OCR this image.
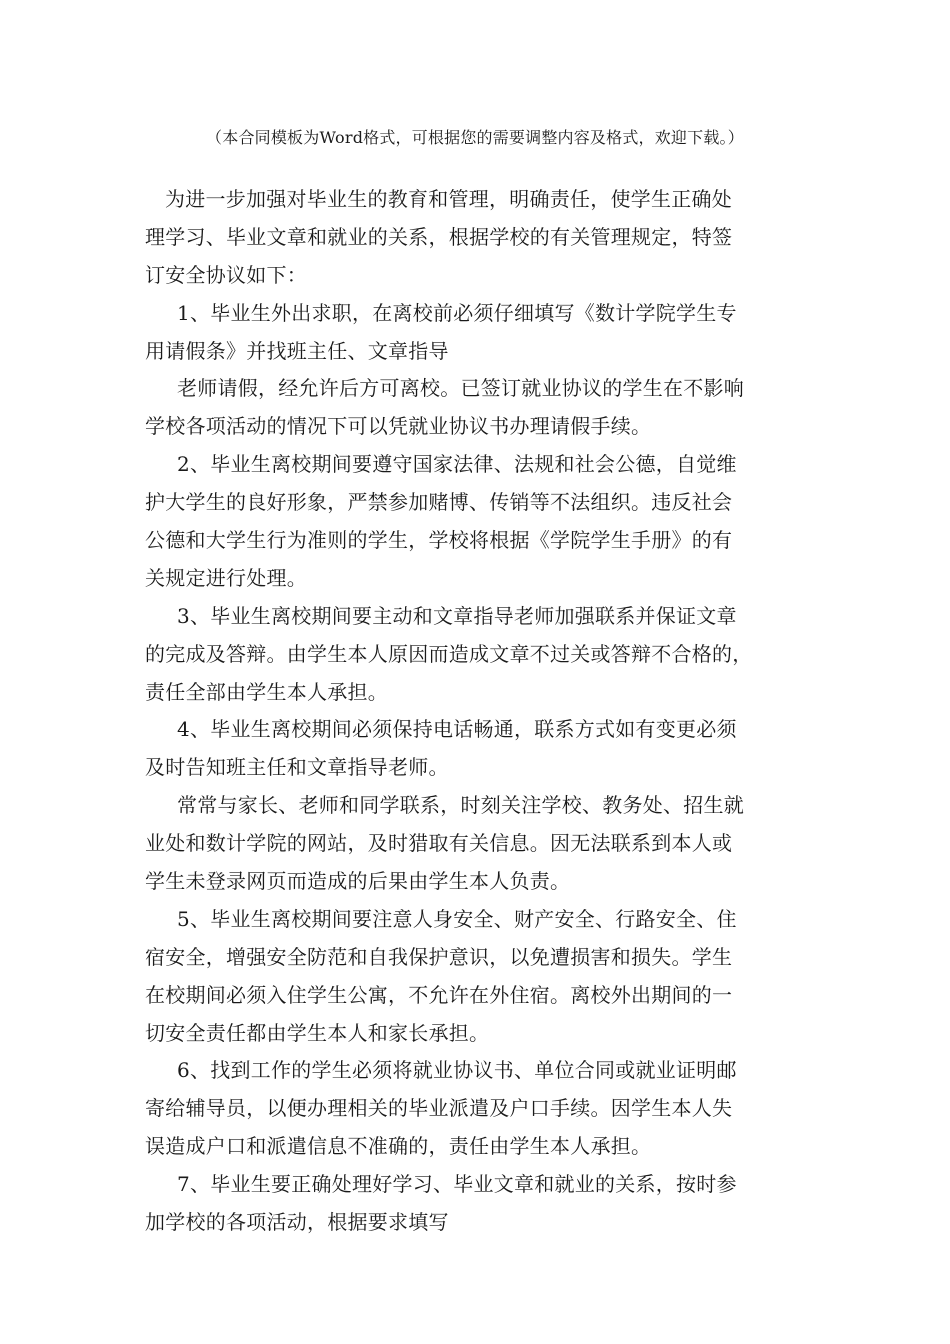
（本合同模板为Word格式，可根据您的需要调整内容及格式，欢迎下载。）
为进一步加强对毕业生的教育和管理，明确责任，使学生正确处
理学习、毕业文章和就业的关系，根据学校的有关管理规定，特签
订安全协议如下：
1、毕业生外出求职，在离校前必须仔细填写《数计学院学生专
用请假条》并找班主任、文章指导
老师请假，经允许后方可离校。已签订就业协议的学生在不影响
学校各项活动的情况下可以凭就业协议书办理请假手续。
2、毕业生离校期间要遵守国家法律、法规和社会公德，自觉维
护大学生的良好形象，严禁参加赌博、传销等不法组织。违反社会
公德和大学生行为准则的学生，学校将根据《学院学生手册》的有
关规定进行处理。
3、毕业生离校期间要主动和文章指导老师加强联系并保证文章
的完成及答辩。由学生本人原因而造成文章不过关或答辩不合格的，
责任全部由学生本人承担。
4、毕业生离校期间必须保持电话畅通，联系方式如有变更必须
及时告知班主任和文章指导老师。
常常与家长、老师和同学联系，时刻关注学校、教务处、招生就
业处和数计学院的网站，及时猎取有关信息。因无法联系到本人或
学生未登录网页而造成的后果由学生本人负责。
5、毕业生离校期间要注意人身安全、财产安全、行路安全、住
宿安全，增强安全防范和自我保护意识，以免遭损害和损失。学生
在校期间必须入住学生公寓，不允许在外住宿。离校外出期间的一
切安全责任都由学生本人和家长承担。
6、找到工作的学生必须将就业协议书、单位合同或就业证明邮
寄给辅导员，以便办理相关的毕业派遣及户口手续。因学生本人失
误造成户口和派遣信息不准确的，责任由学生本人承担。
7、毕业生要正确处理好学习、毕业文章和就业的关系，按时参
加学校的各项活动，根据要求填写
